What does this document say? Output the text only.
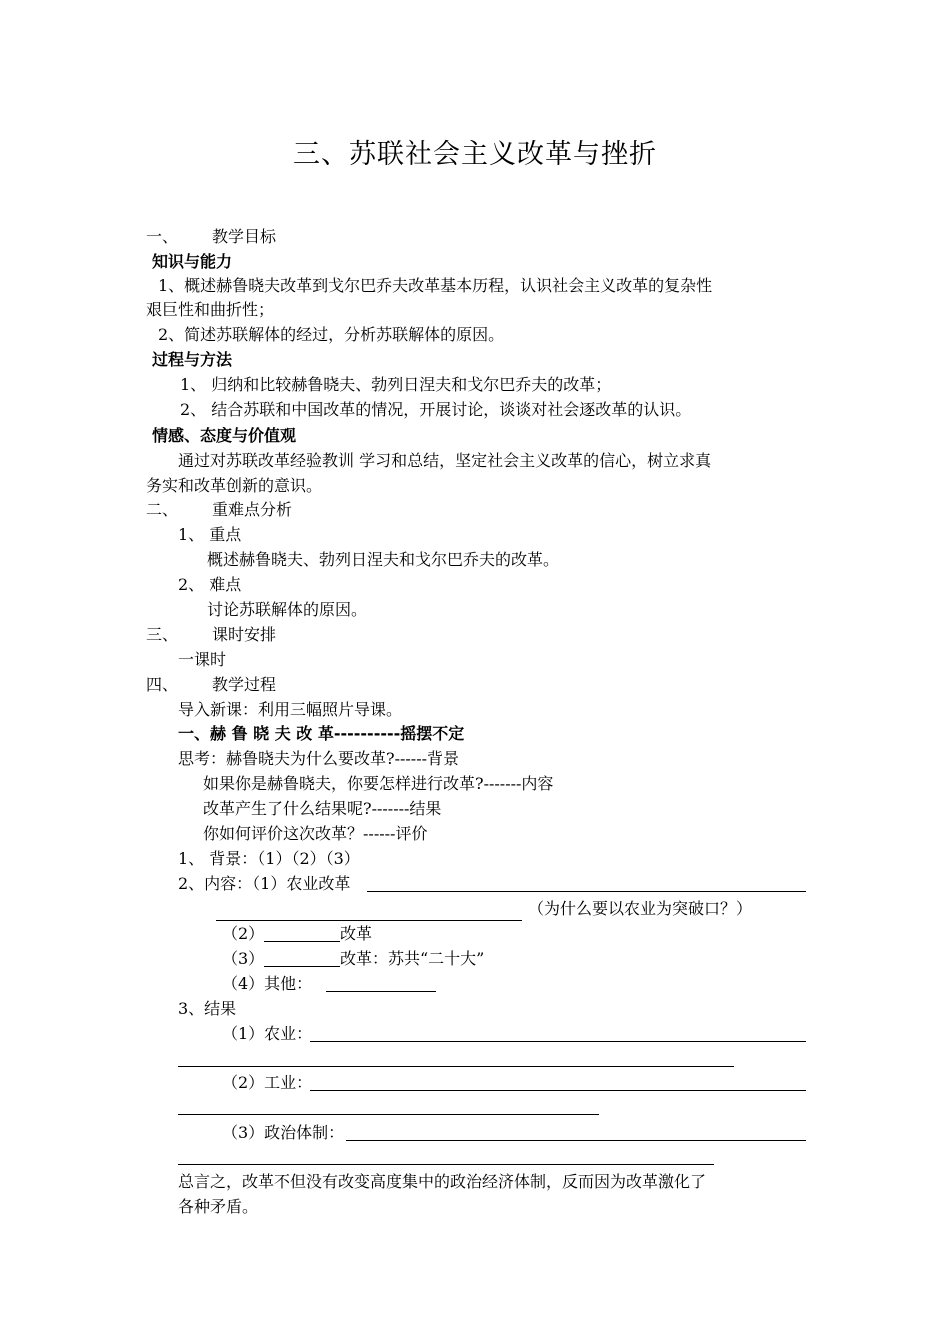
三、苏联社会主义改革与挫折
一、 教学目标
知识与能力
1、概述赫鲁晓夫改革到戈尔巴乔夫改革基本历程，认识社会主义改革的复杂性
艰巨性和曲折性；
2、简述苏联解体的经过，分析苏联解体的原因。
过程与方法
1、 归纳和比较赫鲁晓夫、勃列日涅夫和戈尔巴乔夫的改革；
2、 结合苏联和中国改革的情况，开展讨论，谈谈对社会逐改革的认识。
情感、态度与价值观
通过对苏联改革经验教训 学习和总结，坚定社会主义改革的信心，树立求真
务实和改革创新的意识。
二、 重难点分析
1、 重点
概述赫鲁晓夫、勃列日涅夫和戈尔巴乔夫的改革。
2、 难点
讨论苏联解体的原因。
三、 课时安排
一课时
四、 教学过程
导入新课：利用三幅照片导课。
一、赫 鲁 晓 夫 改 革----------摇摆不定
思考：赫鲁晓夫为什么要改革?------背景
如果你是赫鲁晓夫，你要怎样进行改革?-------内容
改革产生了什么结果呢?-------结果
你如何评价这次改革？------评价
1、 背景：（1）（2）（3）
2、内容：（1）农业改革
（为什么要以农业为突破口？）
（2）	改革
（3）	改革：苏共“二十大”
（4）其他：
3、结果
（1）农业：
（2）工业：
（3）政治体制：
总言之，改革不但没有改变高度集中的政治经济体制，反而因为改革激化了
各种矛盾。
